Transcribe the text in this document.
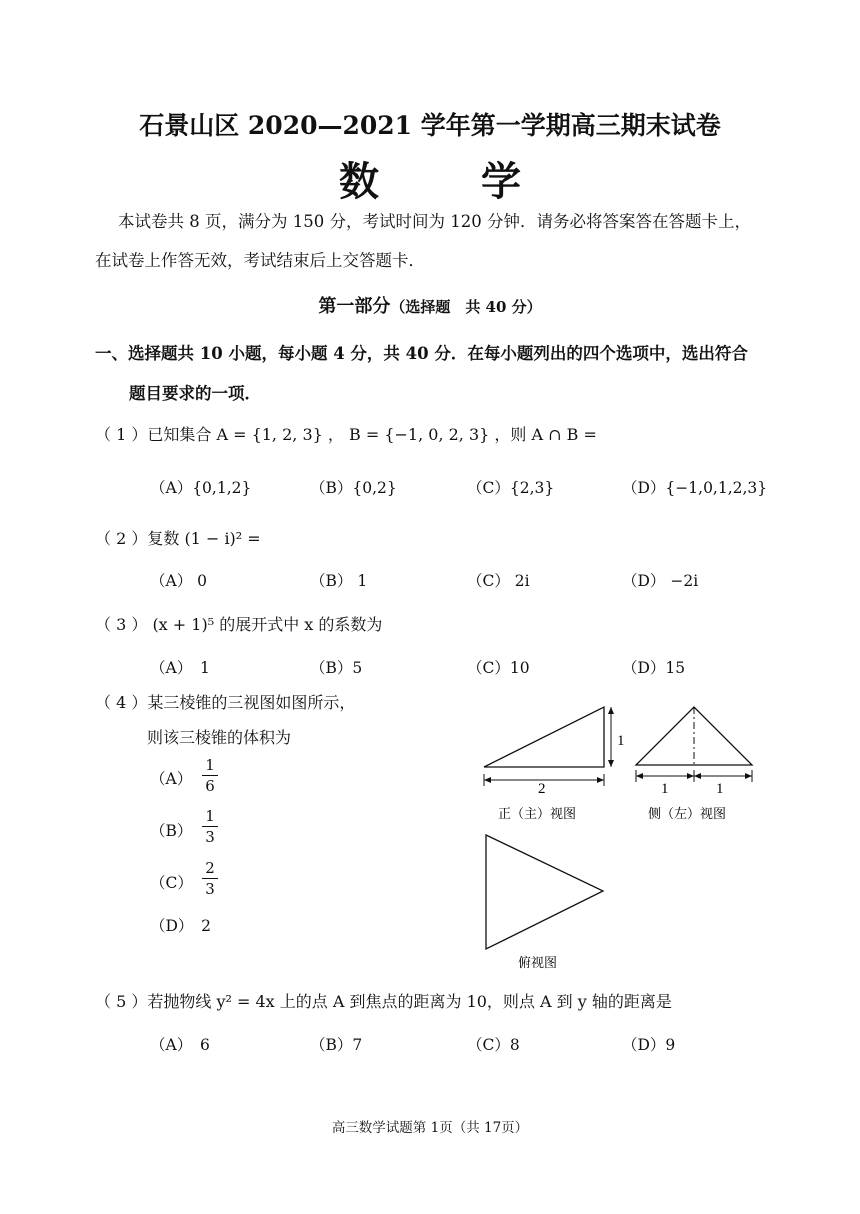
石景山区 2020—2021 学年第一学期高三期末试卷
数 学
本试卷共 8 页，满分为 150 分，考试时间为 120 分钟．请务必将答案答在答题卡上，
在试卷上作答无效，考试结束后上交答题卡．
第一部分（选择题　共 40 分）
一、选择题共 10 小题，每小题 4 分，共 40 分．在每小题列出的四个选项中，选出符合
题目要求的一项．
（ 1 ）已知集合 A = {1, 2, 3} ， B = {−1, 0, 2, 3} ，则 A ∩ B =
（A）{0,1,2}	（B）{0,2}	（C）{2,3}	（D）{−1,0,1,2,3}
（ 2 ）复数 (1 − i)² =
（A） 0	（B） 1	（C） 2i	（D） −2i
（ 3 ） (x + 1)⁵ 的展开式中 x 的系数为
（A）　1	（B）5	（C）10	（D）15
（ 4 ）某三棱锥的三视图如图所示，
则该三棱锥的体积为
（A）
1
6
（B）
1
3
（C）
2
3
（D）　2
2
1
正（主）视图
1	1
侧（左）视图
俯视图
（ 5 ）若抛物线 y² = 4x 上的点 A 到焦点的距离为 10，则点 A 到 y 轴的距离是
（A）　6	（B）7	（C）8	（D）9
高三数学试题第 1页（共 17页）
